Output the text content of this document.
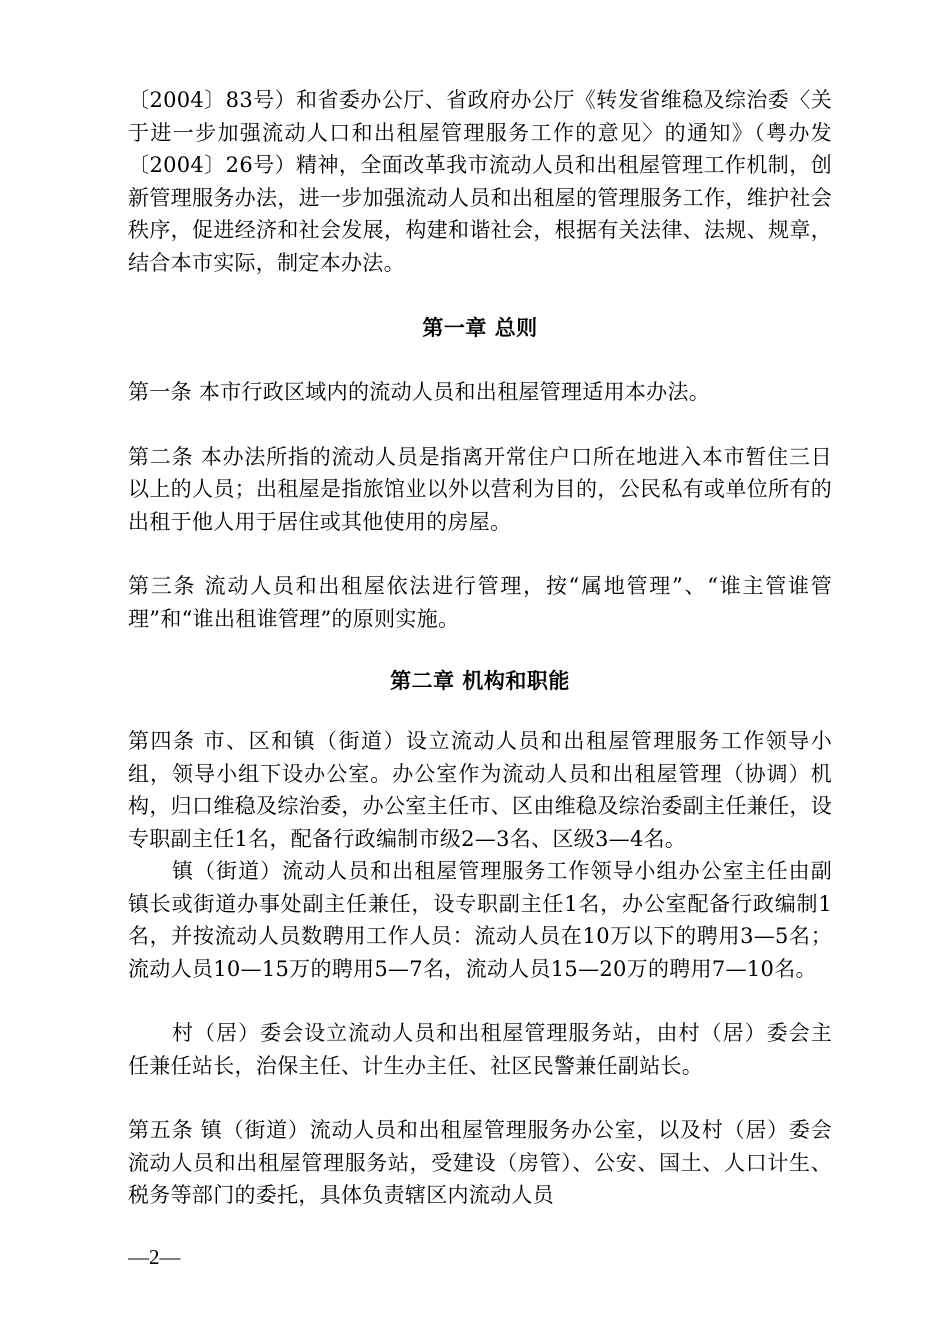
〔2004〕83号）和省委办公厅、省政府办公厅《转发省维稳及综治委〈关于进一步加强流动人口和出租屋管理服务工作的意见〉的通知》（粤办发〔2004〕26号）精神，全面改革我市流动人员和出租屋管理工作机制，创新管理服务办法，进一步加强流动人员和出租屋的管理服务工作，维护社会秩序，促进经济和社会发展，构建和谐社会，根据有关法律、法规、规章，结合本市实际，制定本办法。

第一章 总则

第一条 本市行政区域内的流动人员和出租屋管理适用本办法。

第二条 本办法所指的流动人员是指离开常住户口所在地进入本市暂住三日以上的人员；出租屋是指旅馆业以外以营利为目的，公民私有或单位所有的出租于他人用于居住或其他使用的房屋。

第三条 流动人员和出租屋依法进行管理，按“属地管理”、“谁主管谁管理”和“谁出租谁管理”的原则实施。

第二章 机构和职能

第四条 市、区和镇（街道）设立流动人员和出租屋管理服务工作领导小组，领导小组下设办公室。办公室作为流动人员和出租屋管理（协调）机构，归口维稳及综治委，办公室主任市、区由维稳及综治委副主任兼任，设专职副主任1名，配备行政编制市级2—3名、区级3—4名。

镇（街道）流动人员和出租屋管理服务工作领导小组办公室主任由副镇长或街道办事处副主任兼任，设专职副主任1名，办公室配备行政编制1名，并按流动人员数聘用工作人员：流动人员在10万以下的聘用3—5名；流动人员10—15万的聘用5—7名，流动人员15—20万的聘用7—10名。

村（居）委会设立流动人员和出租屋管理服务站，由村（居）委会主任兼任站长，治保主任、计生办主任、社区民警兼任副站长。

第五条 镇（街道）流动人员和出租屋管理服务办公室，以及村（居）委会流动人员和出租屋管理服务站，受建设（房管）、公安、国土、人口计生、税务等部门的委托，具体负责辖区内流动人员

—2—
